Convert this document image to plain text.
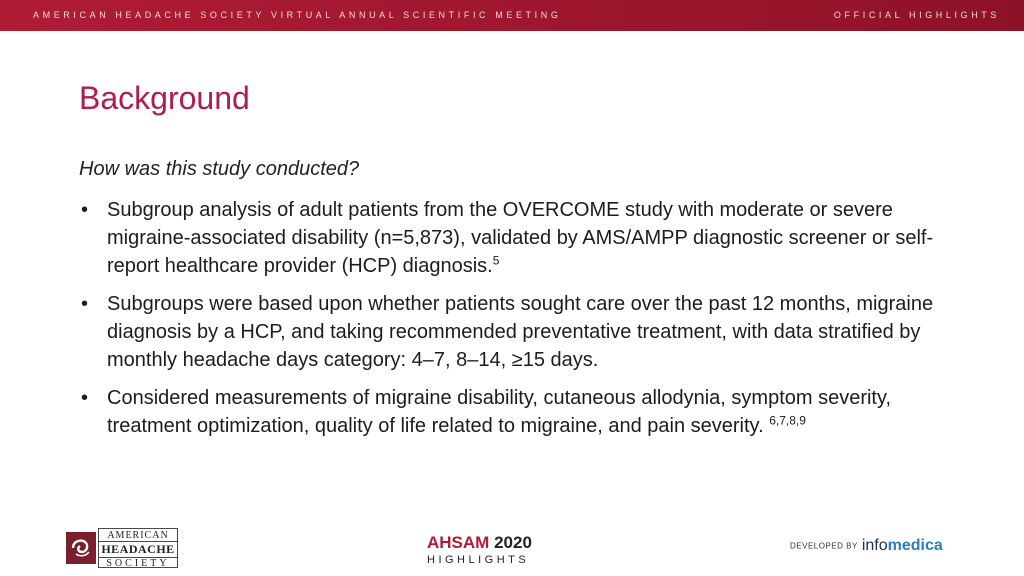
AMERICAN HEADACHE SOCIETY VIRTUAL ANNUAL SCIENTIFIC MEETING	OFFICIAL HIGHLIGHTS
Background
How was this study conducted?
• Subgroup analysis of adult patients from the OVERCOME study with moderate or severe migraine-associated disability (n=5,873), validated by AMS/AMPP diagnostic screener or self-report healthcare provider (HCP) diagnosis.$^5$
• Subgroups were based upon whether patients sought care over the past 12 months, migraine diagnosis by a HCP, and taking recommended preventative treatment, with data stratified by monthly headache days category: 4–7, 8–14, ≥15 days.
• Considered measurements of migraine disability, cutaneous allodynia, symptom severity, treatment optimization, quality of life related to migraine, and pain severity. $^{6,7,8,9}$
AMERICAN
HEADACHE
SOCIETY
AHSAM 2020
HIGHLIGHTS
DEVELOPED BY infomedica
